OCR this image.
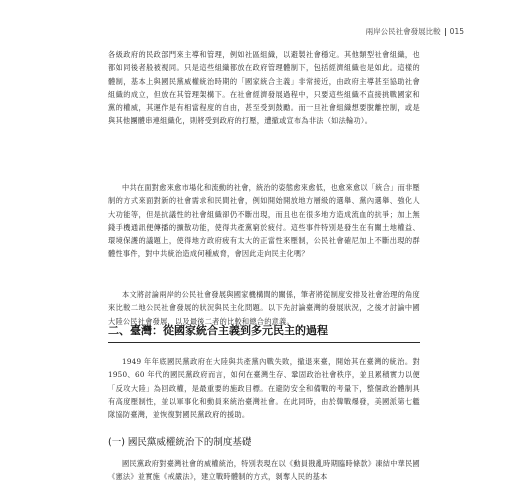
兩岸公民社會發展比較 015

各級政府的民政部門來主導和管理，例如社區組織，以避製社會穩定。其他類型社會組織，也都如同後者般被視同。只是這些組織都放在政府管理體制下，包括經濟組織也是如此。這樣的體制，基本上與國民黨威權統治時期的「國家統合主義」非常接近，由政府主導甚至協助社會組織的成立，但放在其管理架構下。在社會經濟發展過程中，只要這些組織不直接挑戰國家和黨的權威，其運作是有相當程度的自由，甚至受到鼓勵。而一旦社會組織想要脫離控制，或是與其他團體串連組織化，則將受到政府的打壓，遭撤或宣布為非法（如法輪功）。

中共在面對愈來愈市場化和流動的社會，統治的姿態愈來愈低，也愈來愈以「統合」而非壓制的方式來面對新的社會需求和民間社會，例如開始開放地方層級的選舉、黨內選舉、強化人大功能等，但是抗議性的社會組織卻仍不斷出現，而且也在很多地方造成流血的抗爭；加上無錢手機通訊便傳播的擴散功能，使得共產黨窮於疲付。這些事件特別是發生在有關土地權益、環境保護的議題上，使得地方政府疲有太大的正當性來壓制，公民社會確尼加上不斷出現的群體性事件，對中共統治造成何種威脅，會因此走向民主化嗎？

本文將討論兩岸的公民社會發展與國家機構間的關係，筆者將從制度安排及社會治理的角度來比較二地公民社會發展的狀況與民主化問題。以下先討論臺灣的發展狀況，之後才討論中國大陸公民社會發展，以及最後二者的比較和總合的意義。

二、臺灣：從國家統合主義到多元民主的過程

1949 年年底國民黨政府在大陸與共產黨內戰失敗，撤退來臺，開始其在臺灣的統治。對 1950、60 年代的國民黨政府而言，如何在臺灣生存、鞏固政治社會秩序，並且累積實力以便「反攻大陸」為回政權，是最重要的施政目標。在避防安全和備戰的考量下，整個政治體制具有高度壓制性，並以軍事化和動員來統治臺灣社會。在此同時，由於韓戰爆發，美國派第七艦隊協防臺灣，並恢復對國民黨政府的援助。

(一) 國民黨威權統治下的制度基礎

國民黨政府對臺灣社會的威權統治，特別表現在以《動員戡亂時期臨時條款》凍結中華民國《憲法》並實施《戒嚴法》，建立戰時體制的方式，剝奪人民的基本
